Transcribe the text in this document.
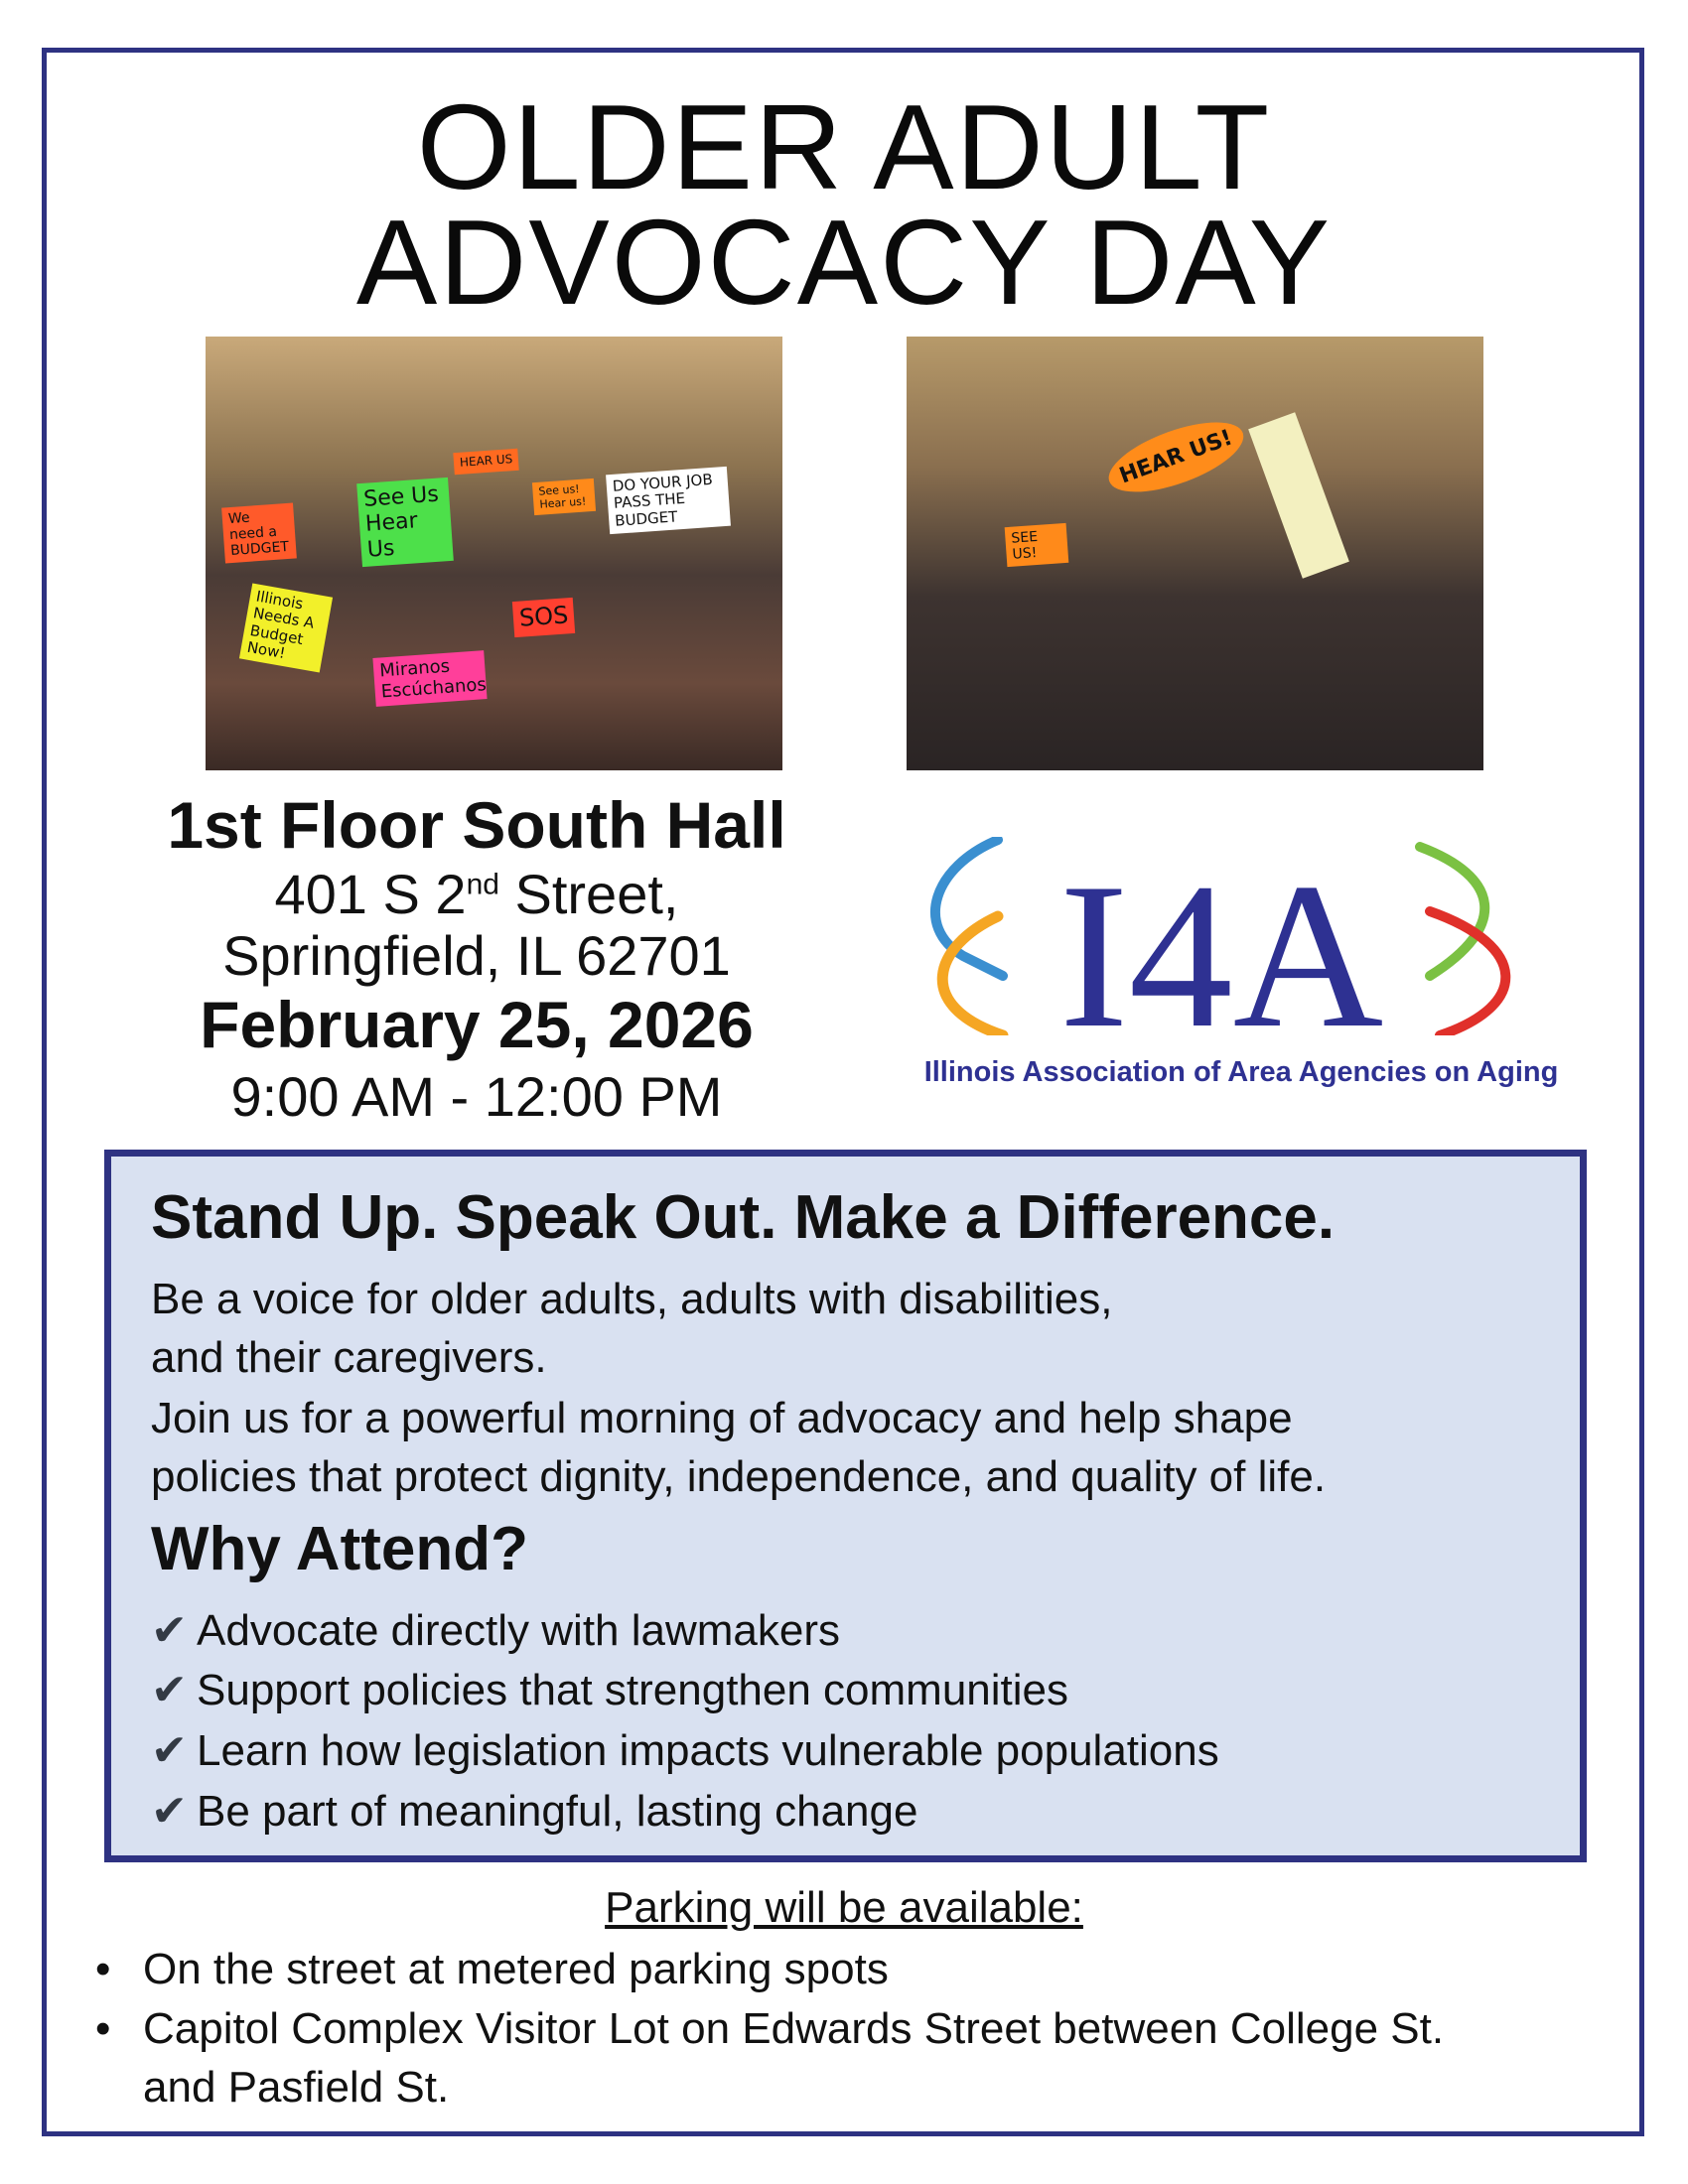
OLDER ADULT
ADVOCACY DAY
We need a BUDGET
See Us Hear Us
HEAR US
See us! Hear us!
DO YOUR JOB PASS THE BUDGET
Illinois Needs A Budget Now!
Miranos Escúchanos
SOS
HEAR US!
SEE US!
1st Floor South Hall
401 S 2nd Street,
Springfield, IL 62701
February 25, 2026
9:00 AM - 12:00 PM
I4A
Illinois Association of Area Agencies on Aging
Stand Up. Speak Out. Make a Difference.
Be a voice for older adults, adults with disabilities,
and their caregivers.
Join us for a powerful morning of advocacy and help shape
policies that protect dignity, independence, and quality of life.
Why Attend?
✔ Advocate directly with lawmakers
✔ Support policies that strengthen communities
✔ Learn how legislation impacts vulnerable populations
✔ Be part of meaningful, lasting change
Parking will be available:
• On the street at metered parking spots
• Capitol Complex Visitor Lot on Edwards Street between College St.
and Pasfield St.
